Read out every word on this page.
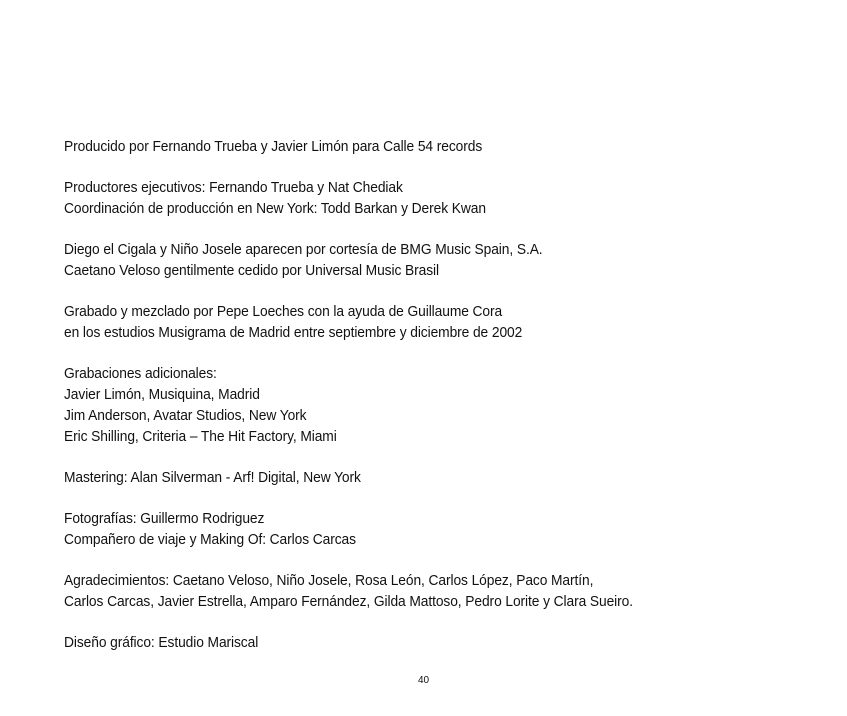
Producido por Fernando Trueba y Javier Limón para Calle 54 records

Productores ejecutivos: Fernando Trueba y Nat Chediak
Coordinación de producción en New York: Todd Barkan y Derek Kwan

Diego el Cigala y Niño Josele aparecen por cortesía de BMG Music Spain, S.A.
Caetano Veloso gentilmente cedido por Universal Music Brasil

Grabado y mezclado por Pepe Loeches con la ayuda de Guillaume Cora
en los estudios Musigrama de Madrid entre septiembre y diciembre de 2002

Grabaciones adicionales:
Javier Limón, Musiquina, Madrid
Jim Anderson, Avatar Studios, New York
Eric Shilling, Criteria – The Hit Factory, Miami

Mastering: Alan Silverman - Arf! Digital, New York

Fotografías: Guillermo Rodriguez
Compañero de viaje y Making Of: Carlos Carcas

Agradecimientos: Caetano Veloso, Niño Josele, Rosa León, Carlos López, Paco Martín,
Carlos Carcas, Javier Estrella, Amparo Fernández, Gilda Mattoso, Pedro Lorite y Clara Sueiro.

Diseño gráfico: Estudio Mariscal

40
